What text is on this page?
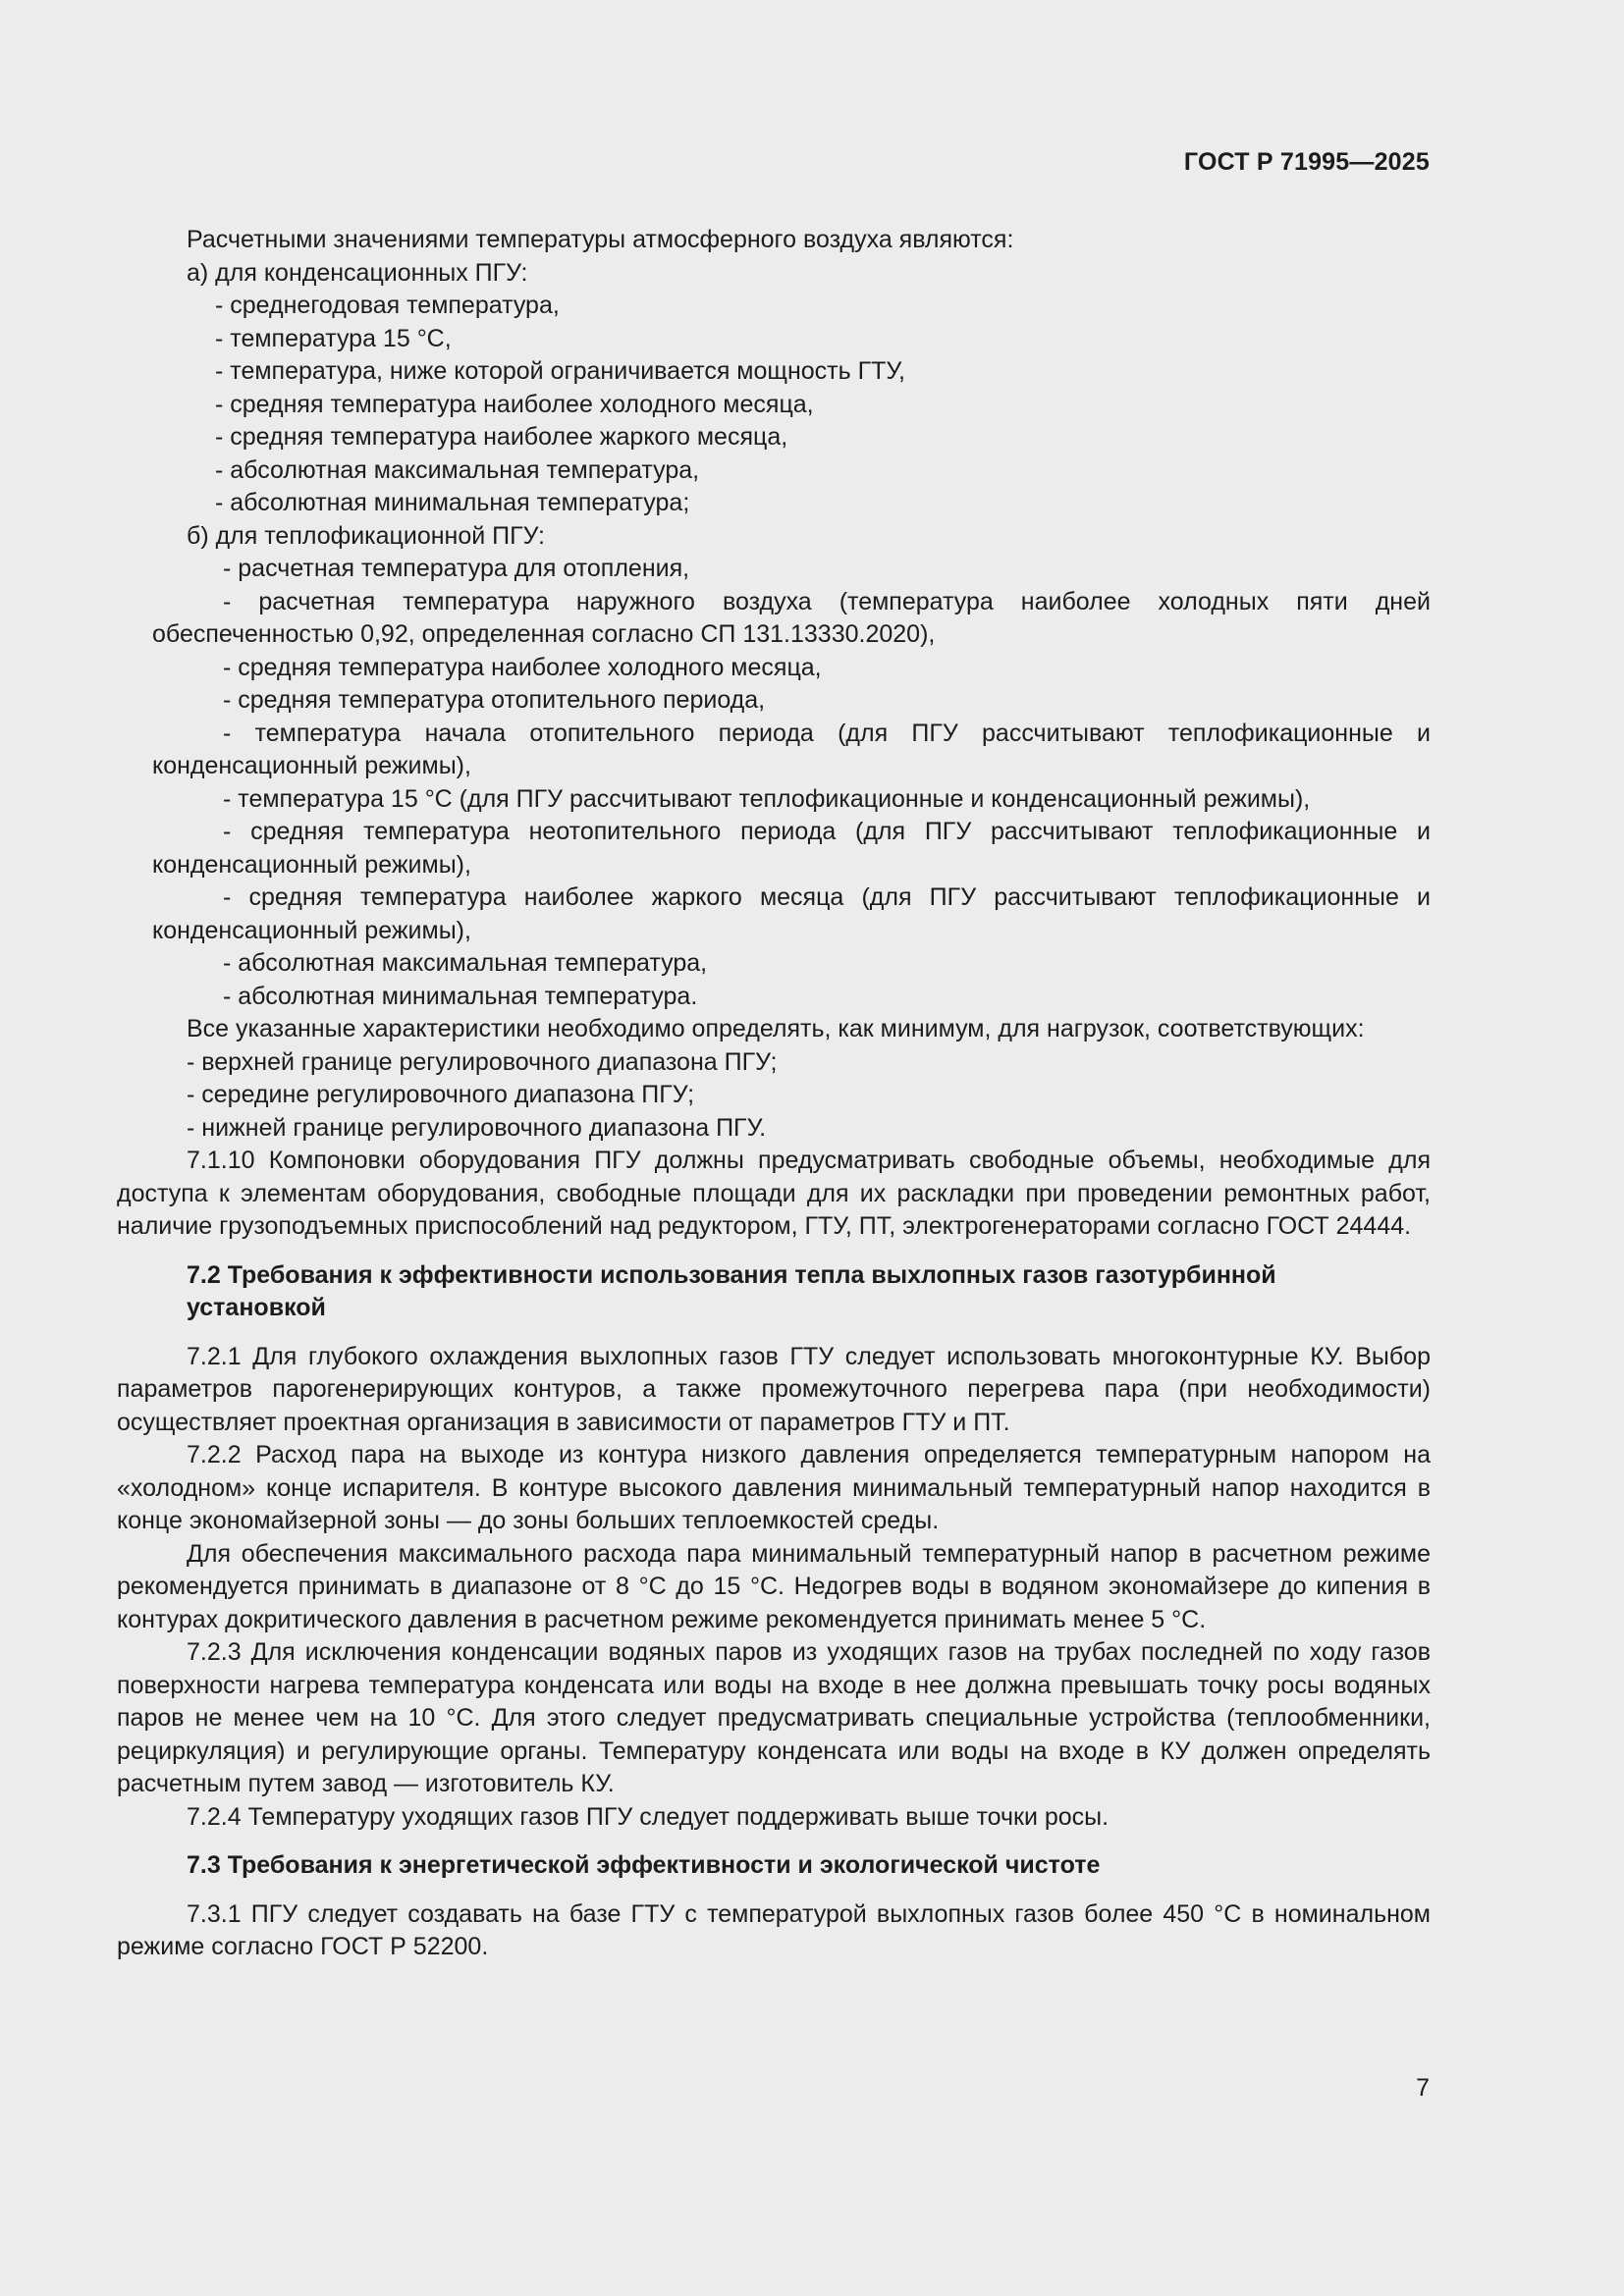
ГОСТ Р 71995—2025
Расчетными значениями температуры атмосферного воздуха являются:
а) для конденсационных ПГУ:
- среднегодовая температура,
- температура 15 °С,
- температура, ниже которой ограничивается мощность ГТУ,
- средняя температура наиболее холодного месяца,
- средняя температура наиболее жаркого месяца,
- абсолютная максимальная температура,
- абсолютная минимальная температура;
б) для теплофикационной ПГУ:
- расчетная температура для отопления,
- расчетная температура наружного воздуха (температура наиболее холодных пяти дней обеспеченностью 0,92, определенная согласно СП 131.13330.2020),
- средняя температура наиболее холодного месяца,
- средняя температура отопительного периода,
- температура начала отопительного периода (для ПГУ рассчитывают теплофикационные и конденсационный режимы),
- температура 15 °С (для ПГУ рассчитывают теплофикационные и конденсационный режимы),
- средняя температура неотопительного периода (для ПГУ рассчитывают теплофикационные и конденсационный режимы),
- средняя температура наиболее жаркого месяца (для ПГУ рассчитывают теплофикационные и конденсационный режимы),
- абсолютная максимальная температура,
- абсолютная минимальная температура.
Все указанные характеристики необходимо определять, как минимум, для нагрузок, соответствующих:
- верхней границе регулировочного диапазона ПГУ;
- середине регулировочного диапазона ПГУ;
- нижней границе регулировочного диапазона ПГУ.
7.1.10 Компоновки оборудования ПГУ должны предусматривать свободные объемы, необходимые для доступа к элементам оборудования, свободные площади для их раскладки при проведении ремонтных работ, наличие грузоподъемных приспособлений над редуктором, ГТУ, ПТ, электрогенераторами согласно ГОСТ 24444.
7.2 Требования к эффективности использования тепла выхлопных газов газотурбинной установкой
7.2.1 Для глубокого охлаждения выхлопных газов ГТУ следует использовать многоконтурные КУ. Выбор параметров парогенерирующих контуров, а также промежуточного перегрева пара (при необходимости) осуществляет проектная организация в зависимости от параметров ГТУ и ПТ.
7.2.2 Расход пара на выходе из контура низкого давления определяется температурным напором на «холодном» конце испарителя. В контуре высокого давления минимальный температурный напор находится в конце экономайзерной зоны — до зоны больших теплоемкостей среды.
Для обеспечения максимального расхода пара минимальный температурный напор в расчетном режиме рекомендуется принимать в диапазоне от 8 °С до 15 °С. Недогрев воды в водяном экономайзере до кипения в контурах докритического давления в расчетном режиме рекомендуется принимать менее 5 °С.
7.2.3 Для исключения конденсации водяных паров из уходящих газов на трубах последней по ходу газов поверхности нагрева температура конденсата или воды на входе в нее должна превышать точку росы водяных паров не менее чем на 10 °С. Для этого следует предусматривать специальные устройства (теплообменники, рециркуляция) и регулирующие органы. Температуру конденсата или воды на входе в КУ должен определять расчетным путем завод — изготовитель КУ.
7.2.4 Температуру уходящих газов ПГУ следует поддерживать выше точки росы.
7.3 Требования к энергетической эффективности и экологической чистоте
7.3.1 ПГУ следует создавать на базе ГТУ с температурой выхлопных газов более 450 °С в номинальном режиме согласно ГОСТ Р 52200.
7
